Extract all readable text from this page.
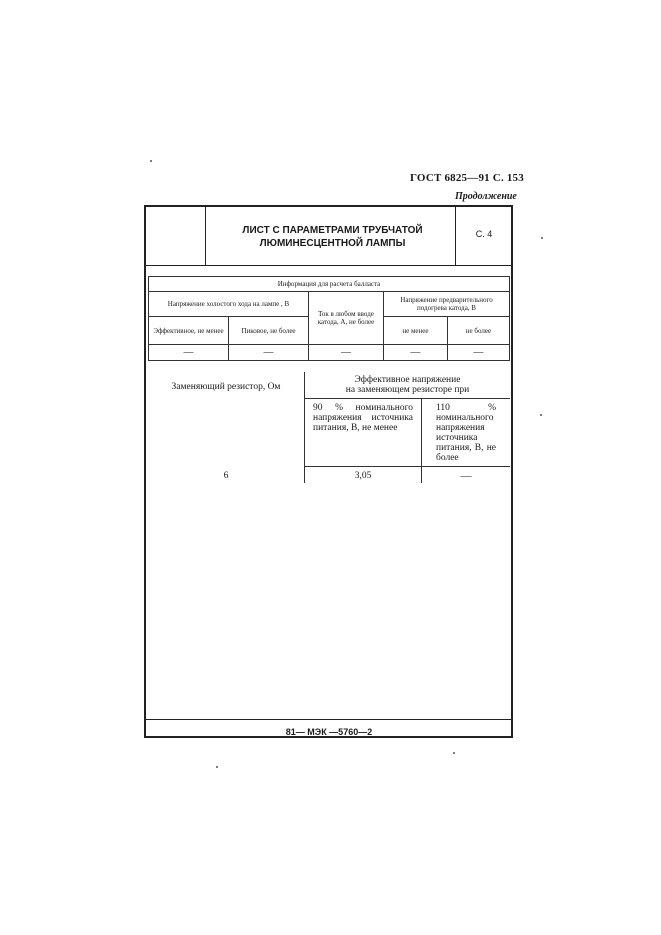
ГОСТ 6825—91 С. 153
Продолжение
ЛИСТ С ПАРАМЕТРАМИ ТРУБЧАТОЙ
ЛЮМИНЕСЦЕНТНОЙ ЛАМПЫ
С. 4
Информация для расчета балласта				
Напряжение холостого хода на лампе , В		Ток в любом вводе катода, А, не более	Напряжение предварительного подогрева катода, В	
Эффективное, не менее	Пиковое, не более		не менее	не более
—	—	—	—	—
Заменяющий резистор, Ом	Эффективное напряжение
на заменяющем резисторе при	

	90 % номинального напряжения источника питания, В, не менее	110 % номинального напряжения источника питания, В, не более
6	3,05	—
81— МЭК —5760—2
